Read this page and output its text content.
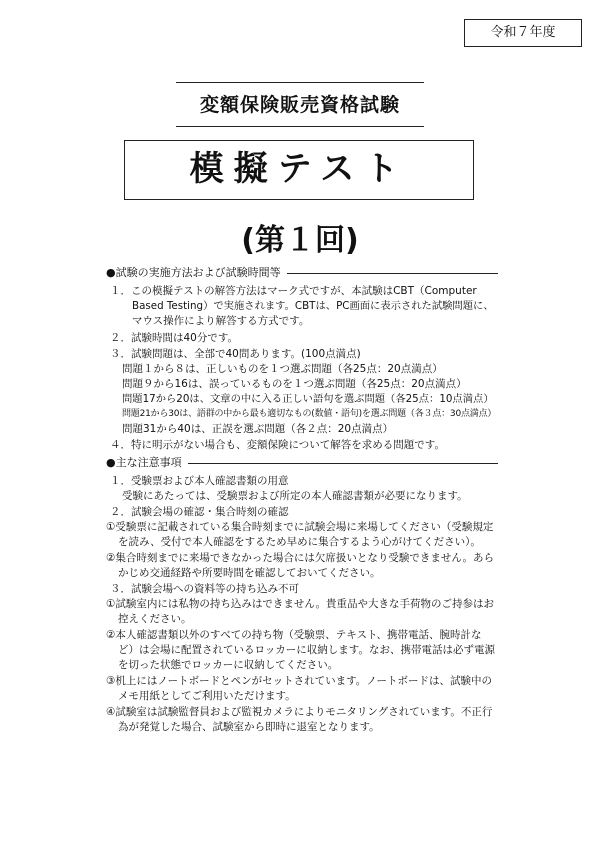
令和７年度
変額保険販売資格試験
模擬テスト
(第１回)
●試験の実施方法および試験時間等
１．この模擬テストの解答方法はマーク式ですが、本試験はCBT（Computer
Based Testing）で実施されます。CBTは、PC画面に表示された試験問題に、
マウス操作により解答する方式です。
２．試験時間は40分です。
３．試験問題は、全部で40問あります。(100点満点)
問題１から８は、正しいものを１つ選ぶ問題（各25点：20点満点）
問題９から16は、誤っているものを１つ選ぶ問題（各25点：20点満点）
問題17から20は、文章の中に入る正しい語句を選ぶ問題（各25点：10点満点）
問題21から30は、語群の中から最も適切なもの(数値・語句)を選ぶ問題（各３点：30点満点）
問題31から40は、正誤を選ぶ問題（各２点：20点満点）
４．特に明示がない場合も、変額保険について解答を求める問題です。
●主な注意事項
１．受験票および本人確認書類の用意
受験にあたっては、受験票および所定の本人確認書類が必要になります。
２．試験会場の確認・集合時刻の確認
①受験票に記載されている集合時刻までに試験会場に来場してください（受験規定
を読み、受付で本人確認をするため早めに集合するよう心がけてください）。
②集合時刻までに来場できなかった場合には欠席扱いとなり受験できません。あら
かじめ交通経路や所要時間を確認しておいてください。
３．試験会場への資料等の持ち込み不可
①試験室内には私物の持ち込みはできません。貴重品や大きな手荷物のご持参はお
控えください。
②本人確認書類以外のすべての持ち物（受験票、テキスト、携帯電話、腕時計な
ど）は会場に配置されているロッカーに収納します。なお、携帯電話は必ず電源
を切った状態でロッカーに収納してください。
③机上にはノートボードとペンがセットされています。ノートボードは、試験中の
メモ用紙としてご利用いただけます。
④試験室は試験監督員および監視カメラによりモニタリングされています。不正行
為が発覚した場合、試験室から即時に退室となります。
